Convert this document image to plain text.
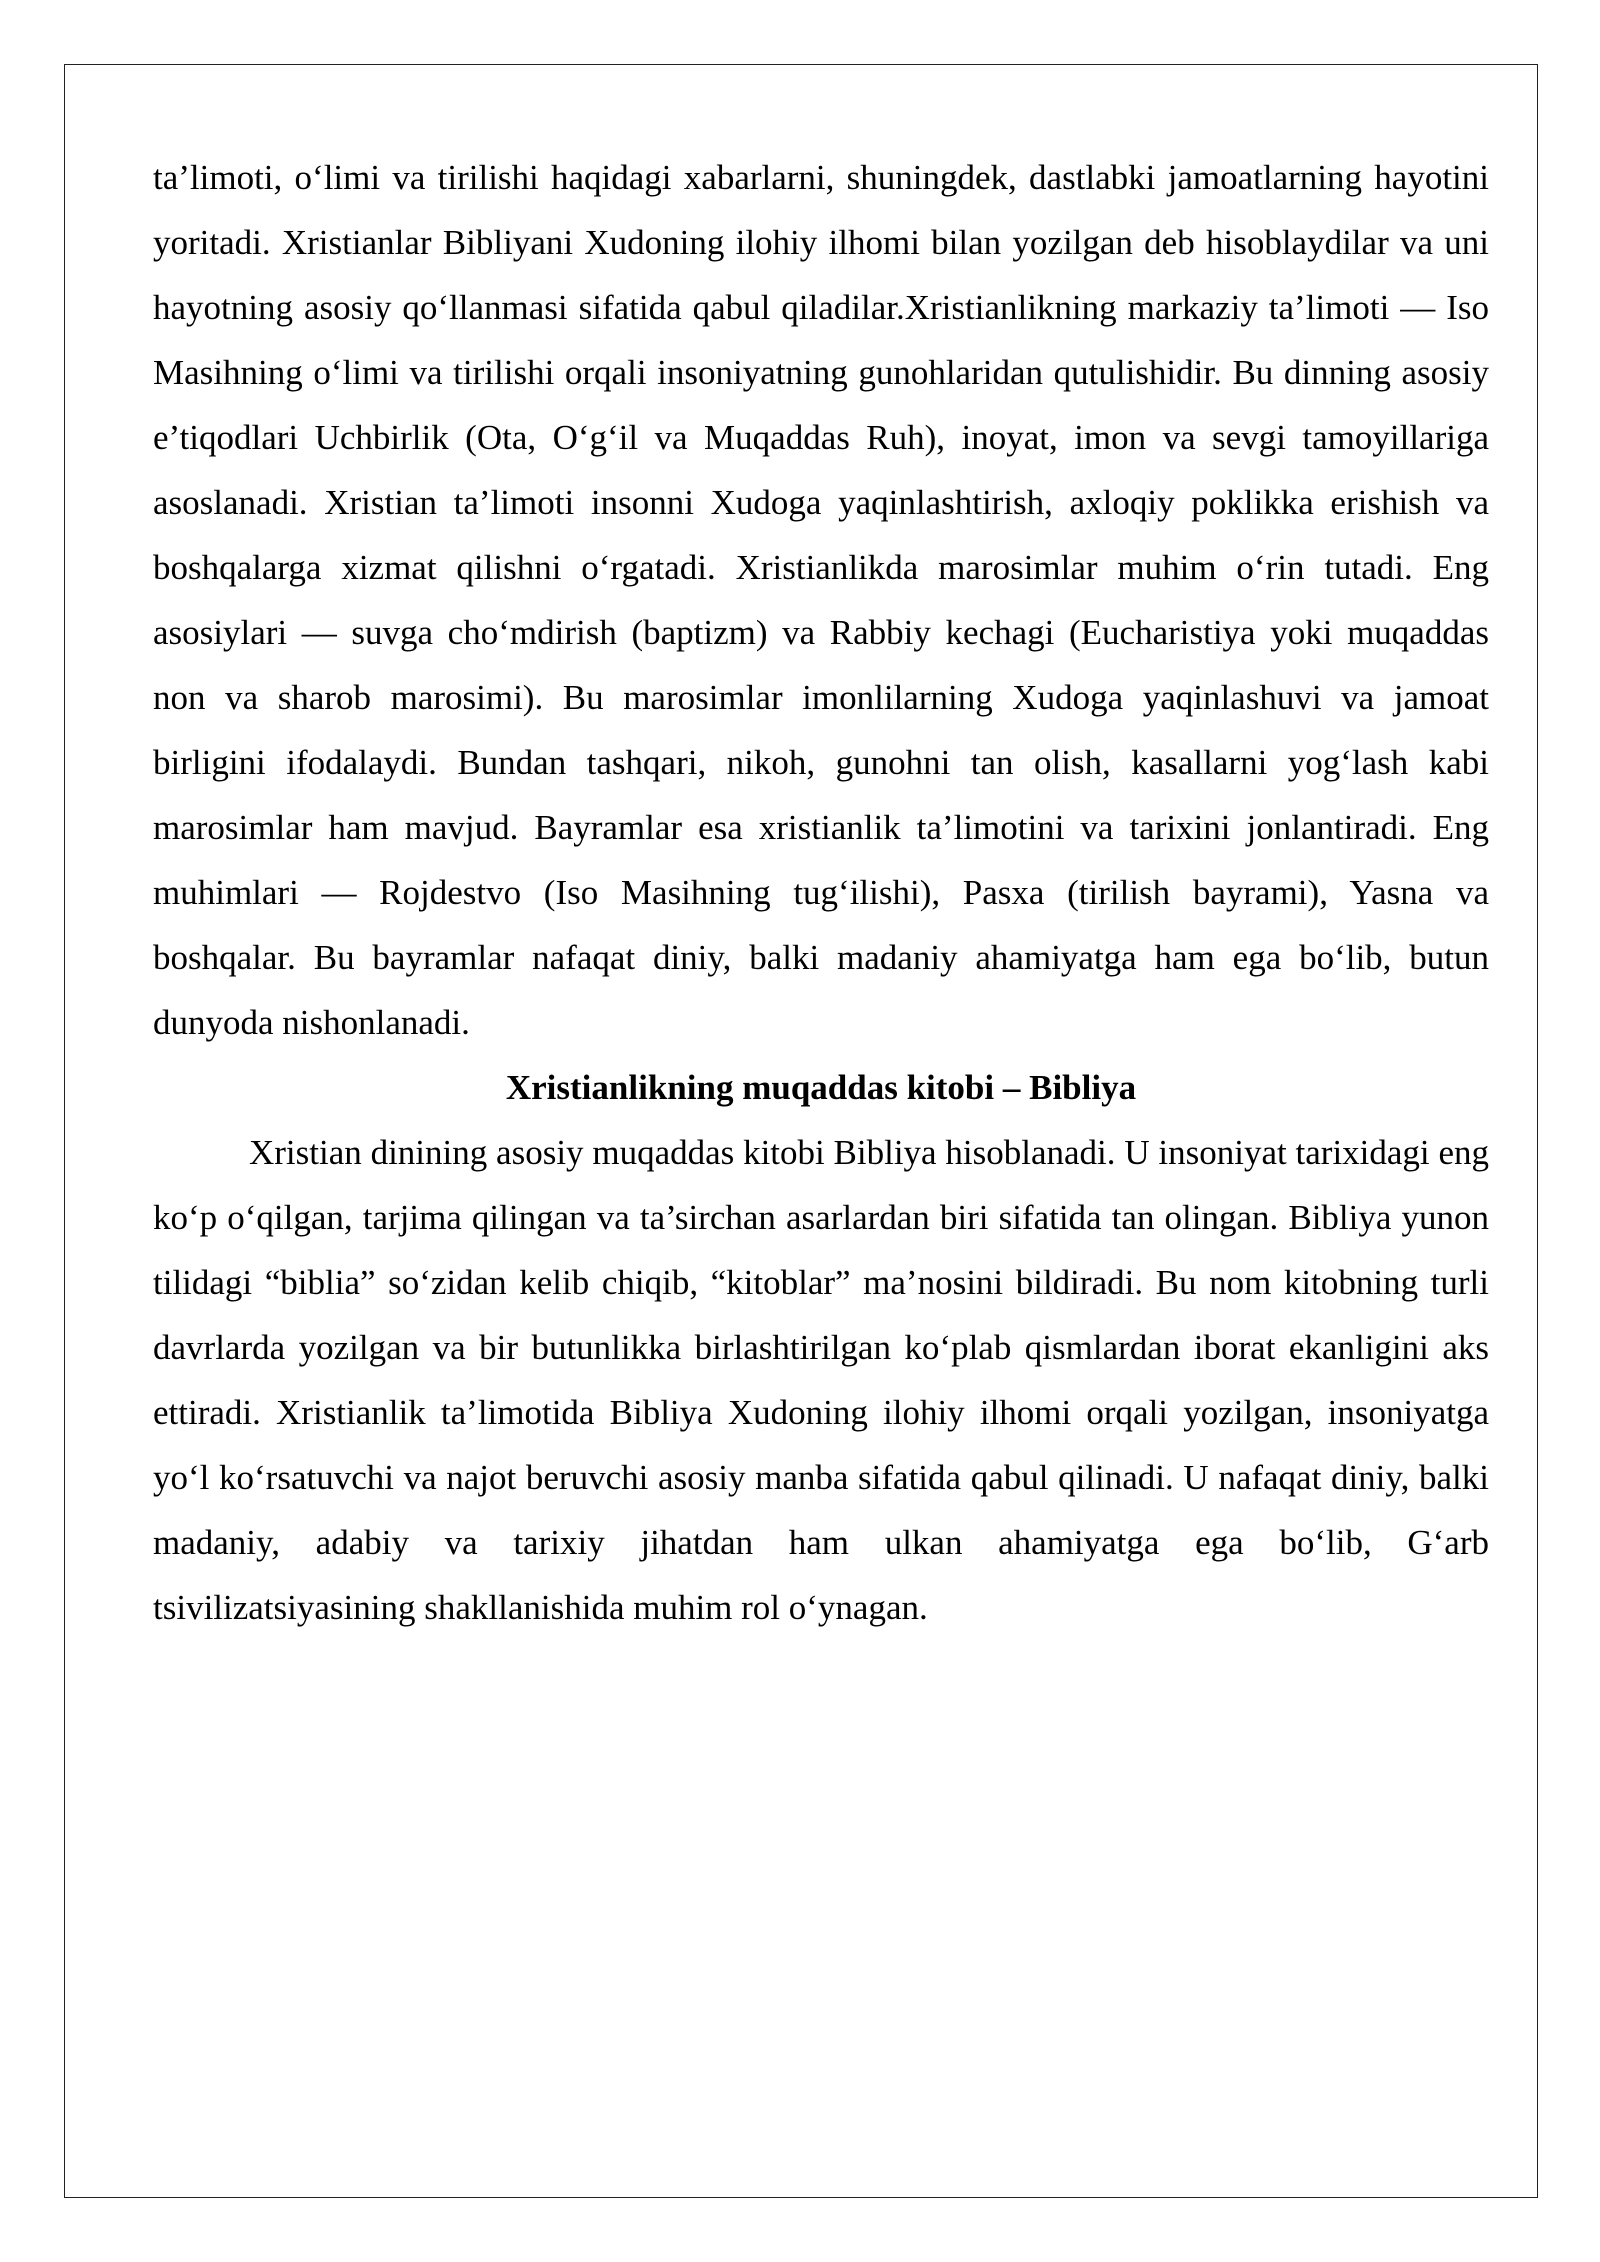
ta’limoti, o‘limi va tirilishi haqidagi xabarlarni, shuningdek, dastlabki jamoatlarning hayotini yoritadi. Xristianlar Bibliyani Xudoning ilohiy ilhomi bilan yozilgan deb hisoblaydilar va uni hayotning asosiy qo‘llanmasi sifatida qabul qiladilar.Xristianlikning markaziy ta’limoti — Iso Masihning o‘limi va tirilishi orqali insoniyatning gunohlaridan qutulishidir. Bu dinning asosiy e’tiqodlari Uchbirlik (Ota, O‘g‘il va Muqaddas Ruh), inoyat, imon va sevgi tamoyillariga asoslanadi. Xristian ta’limoti insonni Xudoga yaqinlashtirish, axloqiy poklikka erishish va boshqalarga xizmat qilishni o‘rgatadi. Xristianlikda marosimlar muhim o‘rin tutadi. Eng asosiylari — suvga cho‘mdirish (baptizm) va Rabbiy kechagi (Eucharistiya yoki muqaddas non va sharob marosimi). Bu marosimlar imonlilarning Xudoga yaqinlashuvi va jamoat birligini ifodalaydi. Bundan tashqari, nikoh, gunohni tan olish, kasallarni yog‘lash kabi marosimlar ham mavjud. Bayramlar esa xristianlik ta’limotini va tarixini jonlantiradi. Eng muhimlari — Rojdestvo (Iso Masihning tug‘ilishi), Pasxa (tirilish bayrami), Yasna va boshqalar. Bu bayramlar nafaqat diniy, balki madaniy ahamiyatga ham ega bo‘lib, butun dunyoda nishonlanadi.

Xristianlikning muqaddas kitobi – Bibliya

Xristian dinining asosiy muqaddas kitobi Bibliya hisoblanadi. U insoniyat tarixidagi eng ko‘p o‘qilgan, tarjima qilingan va ta’sirchan asarlardan biri sifatida tan olingan. Bibliya yunon tilidagi “biblia” so‘zidan kelib chiqib, “kitoblar” ma’nosini bildiradi. Bu nom kitobning turli davrlarda yozilgan va bir butunlikka birlashtirilgan ko‘plab qismlardan iborat ekanligini aks ettiradi. Xristianlik ta’limotida Bibliya Xudoning ilohiy ilhomi orqali yozilgan, insoniyatga yo‘l ko‘rsatuvchi va najot beruvchi asosiy manba sifatida qabul qilinadi. U nafaqat diniy, balki madaniy, adabiy va tarixiy jihatdan ham ulkan ahamiyatga ega bo‘lib, G‘arb tsivilizatsiyasining shakllanishida muhim rol o‘ynagan.
